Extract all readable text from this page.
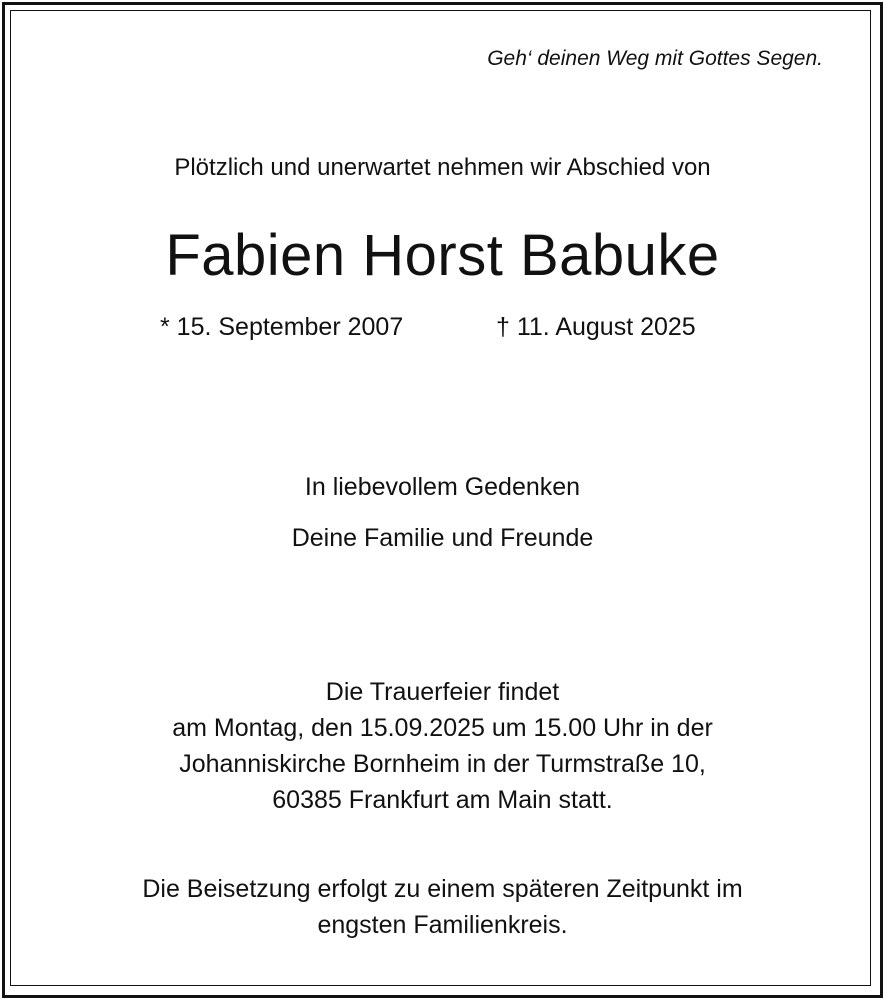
Geh‘ deinen Weg mit Gottes Segen.
Plötzlich und unerwartet nehmen wir Abschied von
Fabien Horst Babuke
* 15. September 2007	† 11. August 2025
In liebevollem Gedenken
Deine Familie und Freunde
Die Trauerfeier findet
am Montag, den 15.09.2025 um 15.00 Uhr in der
Johanniskirche Bornheim in der Turmstraße 10,
60385 Frankfurt am Main statt.
Die Beisetzung erfolgt zu einem späteren Zeitpunkt im
engsten Familienkreis.
